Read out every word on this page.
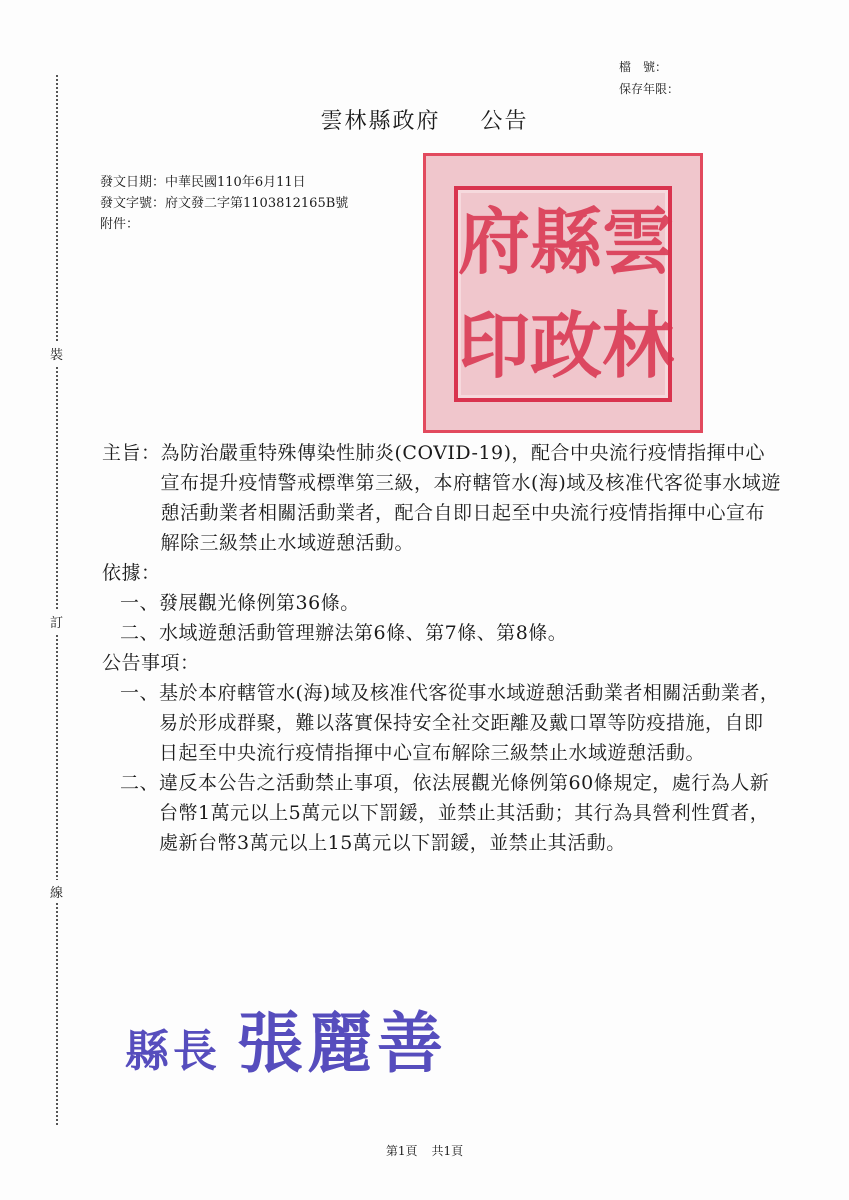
檔　號：
保存年限：
裝
訂
線
雲林縣政府 公告
發文日期：中華民國110年6月11日
發文字號：府文發二字第1103812165B號
附件：	府 縣 雲
印 政 林
主旨： 為防治嚴重特殊傳染性肺炎(COVID-19)，配合中央流行疫情指揮中心宣布提升疫情警戒標準第三級，本府轄管水(海)域及核准代客從事水域遊憩活動業者相關活動業者，配合自即日起至中央流行疫情指揮中心宣布解除三級禁止水域遊憩活動。
依據：
一、 發展觀光條例第36條。
二、 水域遊憩活動管理辦法第6條、第7條、第8條。
公告事項：
一、 基於本府轄管水(海)域及核准代客從事水域遊憩活動業者相關活動業者，易於形成群聚，難以落實保持安全社交距離及戴口罩等防疫措施，自即日起至中央流行疫情指揮中心宣布解除三級禁止水域遊憩活動。
二、 違反本公告之活動禁止事項，依法展觀光條例第60條規定，處行為人新台幣1萬元以上5萬元以下罰鍰，並禁止其活動；其行為具營利性質者，處新台幣3萬元以上15萬元以下罰鍰，並禁止其活動。
縣長 張麗善
第1頁 共1頁
